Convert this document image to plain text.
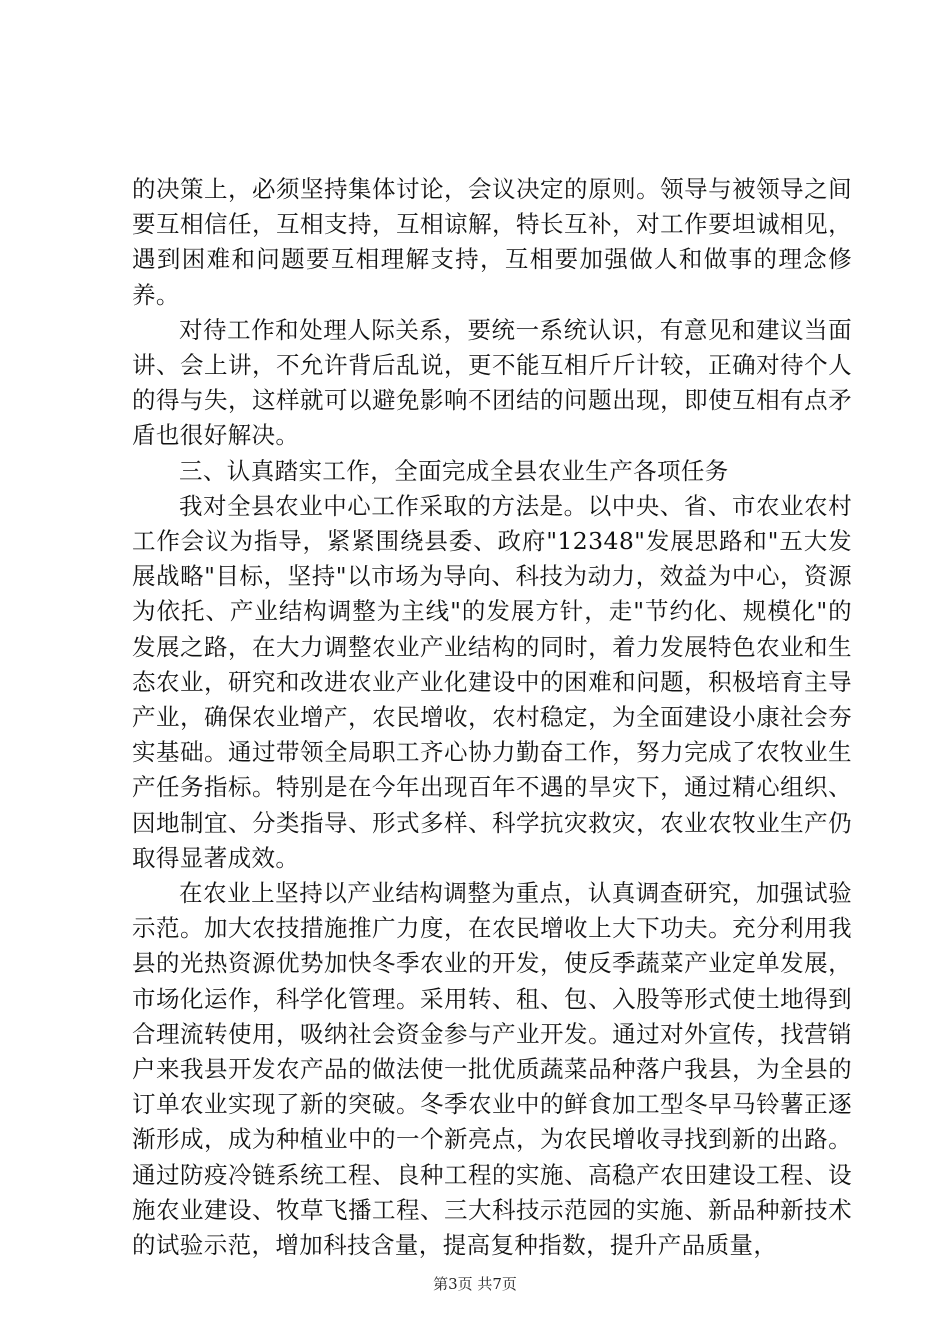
的决策上，必须坚持集体讨论，会议决定的原则。领导与被领导之间要互相信任，互相支持，互相谅解，特长互补，对工作要坦诚相见，遇到困难和问题要互相理解支持，互相要加强做人和做事的理念修养。

对待工作和处理人际关系，要统一系统认识，有意见和建议当面讲、会上讲，不允许背后乱说，更不能互相斤斤计较，正确对待个人的得与失，这样就可以避免影响不团结的问题出现，即使互相有点矛盾也很好解决。

三、认真踏实工作，全面完成全县农业生产各项任务

我对全县农业中心工作采取的方法是。以中央、省、市农业农村工作会议为指导，紧紧围绕县委、政府"12348"发展思路和"五大发展战略"目标，坚持"以市场为导向、科技为动力，效益为中心，资源为依托、产业结构调整为主线"的发展方针，走"节约化、规模化"的发展之路，在大力调整农业产业结构的同时，着力发展特色农业和生态农业，研究和改进农业产业化建设中的困难和问题，积极培育主导产业，确保农业增产，农民增收，农村稳定，为全面建设小康社会夯实基础。通过带领全局职工齐心协力勤奋工作，努力完成了农牧业生产任务指标。特别是在今年出现百年不遇的旱灾下，通过精心组织、因地制宜、分类指导、形式多样、科学抗灾救灾，农业农牧业生产仍取得显著成效。

在农业上坚持以产业结构调整为重点，认真调查研究，加强试验示范。加大农技措施推广力度，在农民增收上大下功夫。充分利用我县的光热资源优势加快冬季农业的开发，使反季蔬菜产业定单发展，市场化运作，科学化管理。采用转、租、包、入股等形式使土地得到合理流转使用，吸纳社会资金参与产业开发。通过对外宣传，找营销户来我县开发农产品的做法使一批优质蔬菜品种落户我县，为全县的订单农业实现了新的突破。冬季农业中的鲜食加工型冬早马铃薯正逐渐形成，成为种植业中的一个新亮点，为农民增收寻找到新的出路。通过防疫冷链系统工程、良种工程的实施、高稳产农田建设工程、设施农业建设、牧草飞播工程、三大科技示范园的实施、新品种新技术的试验示范，增加科技含量，提高复种指数，提升产品质量，

第3页 共7页
